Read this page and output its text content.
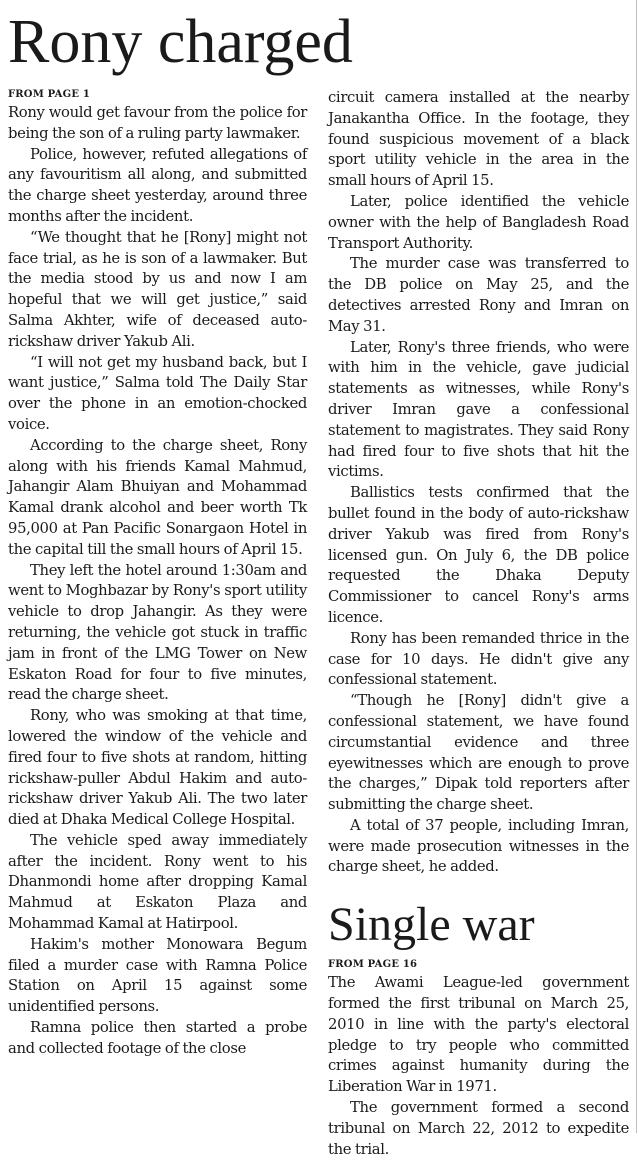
Rony charged
FROM PAGE 1

Rony would get favour from the police for being the son of a ruling party lawmaker.

Police, however, refuted allegations of any favouritism all along, and submitted the charge sheet yesterday, around three months after the incident.

“We thought that he [Rony] might not face trial, as he is son of a lawmaker. But the media stood by us and now I am hopeful that we will get justice,” said Salma Akhter, wife of deceased auto-rickshaw driver Yakub Ali.

“I will not get my husband back, but I want justice,” Salma told The Daily Star over the phone in an emotion-chocked voice.

According to the charge sheet, Rony along with his friends Kamal Mahmud, Jahangir Alam Bhuiyan and Mohammad Kamal drank alcohol and beer worth Tk 95,000 at Pan Pacific Sonargaon Hotel in the capital till the small hours of April 15.

They left the hotel around 1:30am and went to Moghbazar by Rony's sport utility vehicle to drop Jahangir. As they were returning, the vehicle got stuck in traffic jam in front of the LMG Tower on New Eskaton Road for four to five minutes, read the charge sheet.

Rony, who was smoking at that time, lowered the window of the vehicle and fired four to five shots at random, hitting rickshaw-puller Abdul Hakim and auto-rickshaw driver Yakub Ali. The two later died at Dhaka Medical College Hospital.

The vehicle sped away immediately after the incident. Rony went to his Dhanmondi home after dropping Kamal Mahmud at Eskaton Plaza and Mohammad Kamal at Hatirpool.

Hakim's mother Monowara Begum filed a murder case with Ramna Police Station on April 15 against some unidentified persons.

Ramna police then started a probe and collected footage of the close

circuit camera installed at the nearby Janakantha Office. In the footage, they found suspicious movement of a black sport utility vehicle in the area in the small hours of April 15.

Later, police identified the vehicle owner with the help of Bangladesh Road Transport Authority.

The murder case was transferred to the DB police on May 25, and the detectives arrested Rony and Imran on May 31.

Later, Rony's three friends, who were with him in the vehicle, gave judicial statements as witnesses, while Rony's driver Imran gave a confessional statement to magistrates. They said Rony had fired four to five shots that hit the victims.

Ballistics tests confirmed that the bullet found in the body of auto-rickshaw driver Yakub was fired from Rony's licensed gun. On July 6, the DB police requested the Dhaka Deputy Commissioner to cancel Rony's arms licence.

Rony has been remanded thrice in the case for 10 days. He didn't give any confessional statement.

“Though he [Rony] didn't give a confessional statement, we have found circumstantial evidence and three eyewitnesses which are enough to prove the charges,” Dipak told reporters after submitting the charge sheet.

A total of 37 people, including Imran, were made prosecution witnesses in the charge sheet, he added.

Single war
FROM PAGE 16

The Awami League-led government formed the first tribunal on March 25, 2010 in line with the party's electoral pledge to try people who committed crimes against humanity during the Liberation War in 1971.

The government formed a second tribunal on March 22, 2012 to expedite the trial.
